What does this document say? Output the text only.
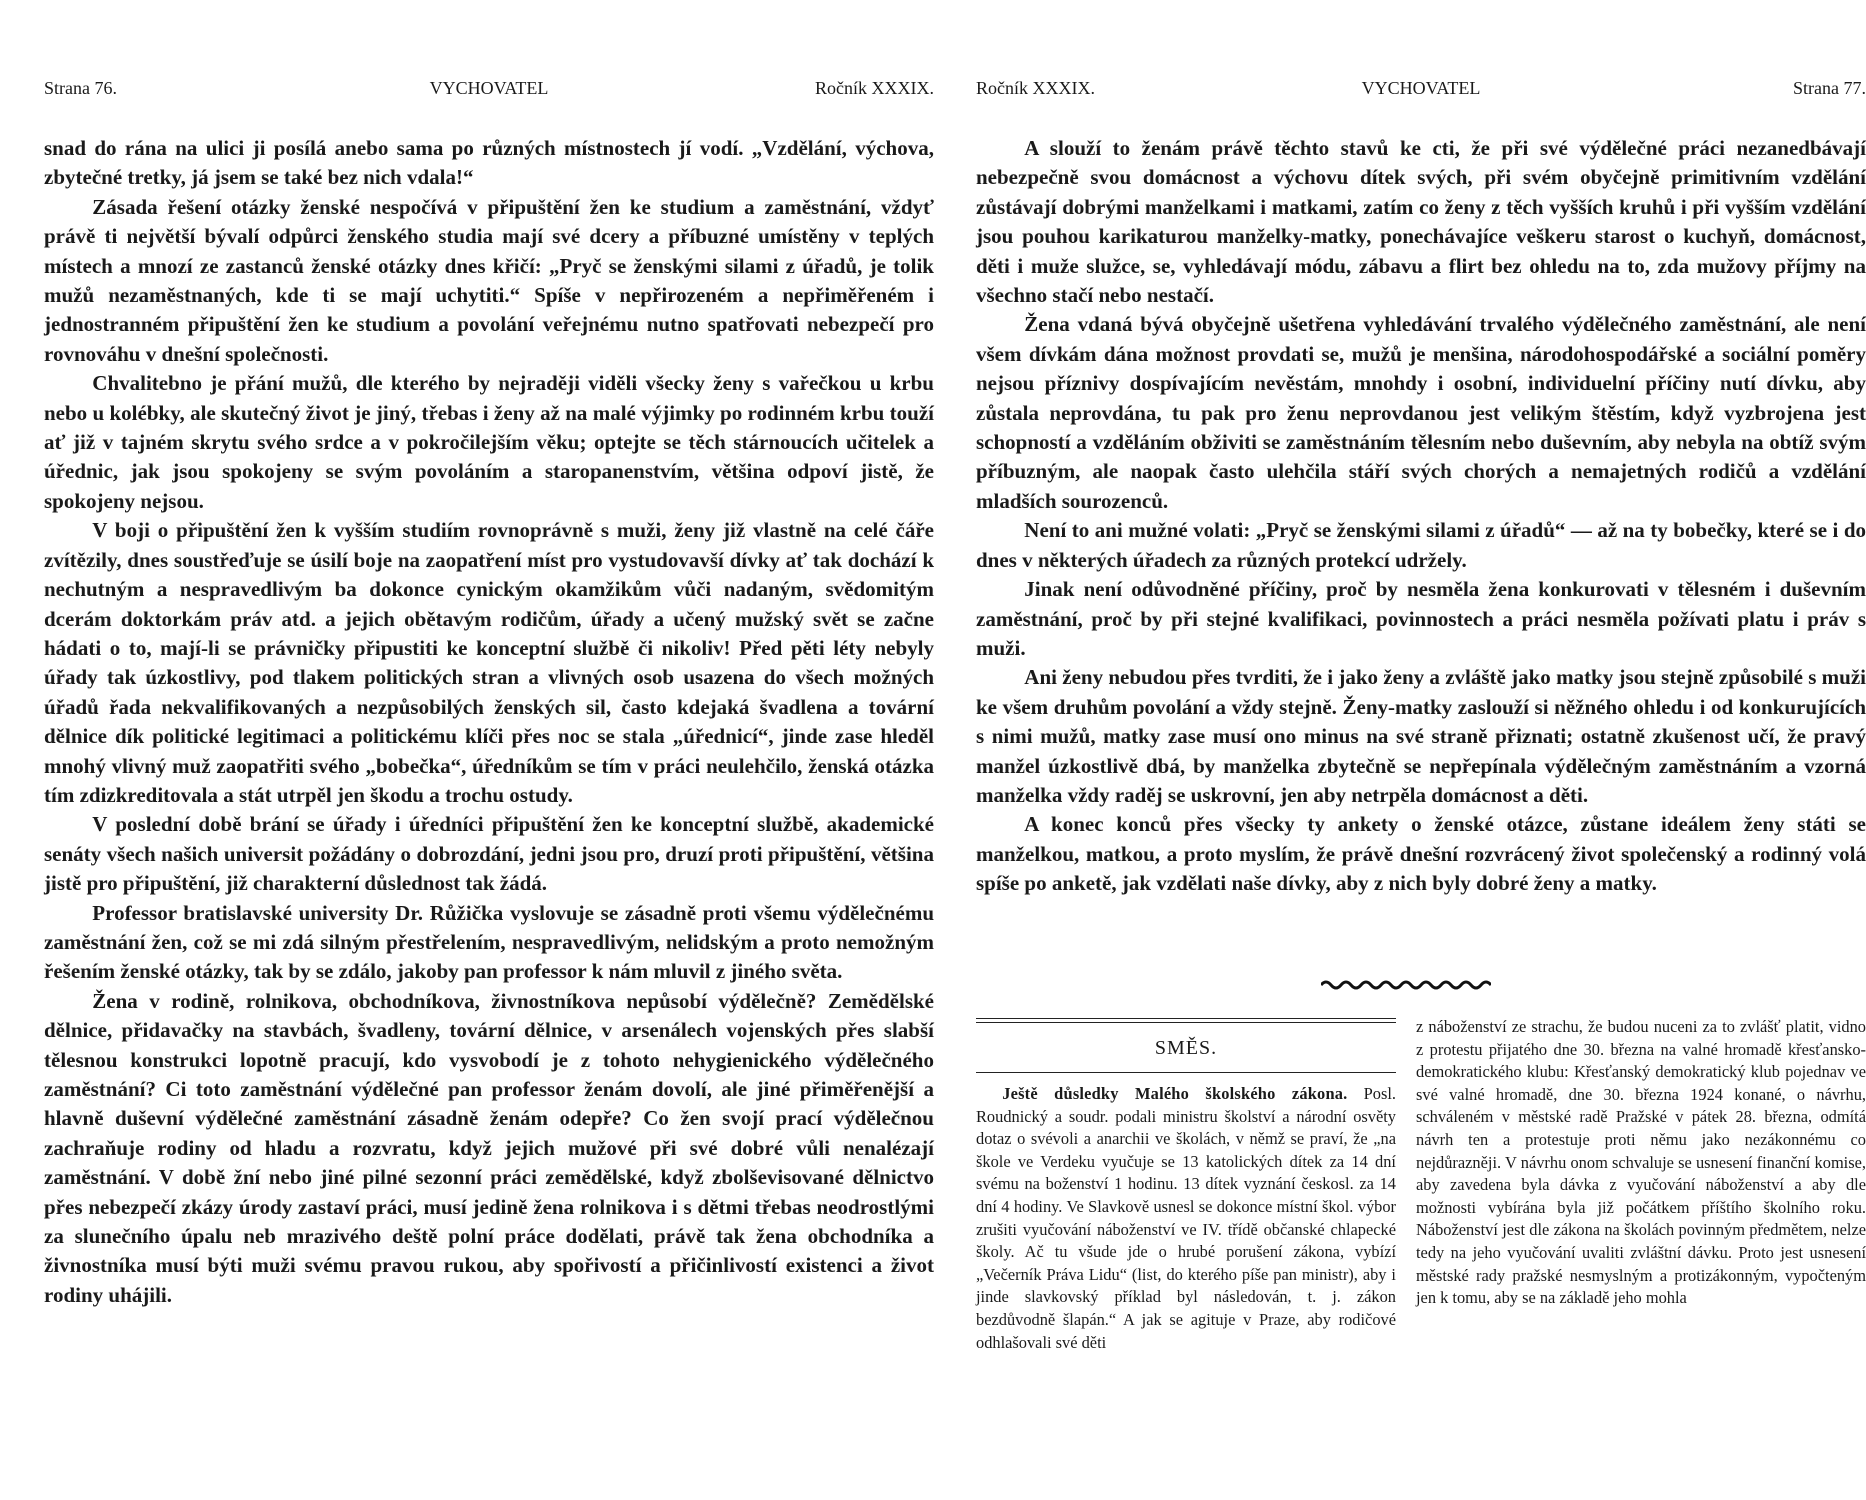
Strana 76.	VYCHOVATEL	Ročník XXXIX.

snad do rána na ulici ji posílá anebo sama po různých místnostech jí vodí. „Vzdělání, výchova, zbytečné tretky, já jsem se také bez nich vdala!“

Zásada řešení otázky ženské nespočívá v připuštění žen ke studium a zaměstnání, vždyť právě ti největší bývalí odpůrci ženského studia mají své dcery a příbuzné umístěny v teplých místech a mnozí ze zastanců ženské otázky dnes křičí: „Pryč se ženskými silami z úřadů, je tolik mužů nezaměstnaných, kde ti se mají uchytiti.“ Spíše v nepřirozeném a nepřiměřeném i jednostranném připuštění žen ke studium a povolání veřejnému nutno spatřovati nebezpečí pro rovnováhu v dnešní společnosti.

Chvalitebno je přání mužů, dle kterého by nejraději viděli všecky ženy s vařečkou u krbu nebo u kolébky, ale skutečný život je jiný, třebas i ženy až na malé výjimky po rodinném krbu touží ať již v tajném skrytu svého srdce a v pokročilejším věku; optejte se těch stárnoucích učitelek a úřednic, jak jsou spokojeny se svým povoláním a staropanenstvím, většina odpoví jistě, že spokojeny nejsou.

V boji o připuštění žen k vyšším studiím rovnoprávně s muži, ženy již vlastně na celé čáře zvítězily, dnes soustřeďuje se úsilí boje na zaopatření míst pro vystudovavší dívky ať tak dochází k nechutným a nespravedlivým ba dokonce cynickým okamžikům vůči nadaným, svědomitým dcerám doktorkám práv atd. a jejich obětavým rodičům, úřady a učený mužský svět se začne hádati o to, mají-li se právničky připustiti ke konceptní službě či nikoliv! Před pěti léty nebyly úřady tak úzkostlivy, pod tlakem politických stran a vlivných osob usazena do všech možných úřadů řada nekvalifikovaných a nezpůsobilých ženských sil, často kdejaká švadlena a tovární dělnice dík politické legitimaci a politickému klíči přes noc se stala „úřednicí“, jinde zase hleděl mnohý vlivný muž zaopatřiti svého „bobečka“, úředníkům se tím v práci neulehčilo, ženská otázka tím zdizkreditovala a stát utrpěl jen škodu a trochu ostudy.

V poslední době brání se úřady i úředníci připuštění žen ke konceptní službě, akademické senáty všech našich universit požádány o dobrozdání, jedni jsou pro, druzí proti připuštění, většina jistě pro připuštění, již charakterní důslednost tak žádá.

Professor bratislavské university Dr. Růžička vyslovuje se zásadně proti všemu výdělečnému zaměstnání žen, což se mi zdá silným přestřelením, nespravedlivým, nelidským a proto nemožným řešením ženské otázky, tak by se zdálo, jakoby pan professor k nám mluvil z jiného světa.

Žena v rodině, rolnikova, obchodníkova, živnostníkova nepůsobí výdělečně? Zemědělské dělnice, přidavačky na stavbách, švadleny, tovární dělnice, v arsenálech vojenských přes slabší tělesnou konstrukci lopotně pracují, kdo vysvobodí je z tohoto nehygienického výdělečného zaměstnání? Ci toto zaměstnání výdělečné pan professor ženám dovolí, ale jiné přiměřenější a hlavně duševní výdělečné zaměstnání zásadně ženám odepře? Co žen svojí prací výdělečnou zachraňuje rodiny od hladu a rozvratu, když jejich mužové při své dobré vůli nenalézají zaměstnání. V době žní nebo jiné pilné sezonní práci zemědělské, když zbolševisované dělnictvo přes nebezpečí zkázy úrody zastaví práci, musí jedině žena rolnikova i s dětmi třebas neodrostlými za slunečního úpalu neb mrazivého deště polní práce dodělati, právě tak žena obchodníka a živnostníka musí býti muži svému pravou rukou, aby spořivostí a přičinlivostí existenci a život rodiny uhájili.

Ročník XXXIX.	VYCHOVATEL	Strana 77.

A slouží to ženám právě těchto stavů ke cti, že při své výdělečné práci nezanedbávají nebezpečně svou domácnost a výchovu dítek svých, při svém obyčejně primitivním vzdělání zůstávají dobrými manželkami i matkami, zatím co ženy z těch vyšších kruhů i při vyšším vzdělání jsou pouhou karikaturou manželky-matky, ponechávajíce veškeru starost o kuchyň, domácnost, děti i muže služce, se, vyhledávají módu, zábavu a flirt bez ohledu na to, zda mužovy příjmy na všechno stačí nebo nestačí.

Žena vdaná bývá obyčejně ušetřena vyhledávání trvalého výdělečného zaměstnání, ale není všem dívkám dána možnost provdati se, mužů je menšina, národohospodářské a sociální poměry nejsou příznivy dospívajícím nevěstám, mnohdy i osobní, individuelní příčiny nutí dívku, aby zůstala neprovdána, tu pak pro ženu neprovdanou jest velikým štěstím, když vyzbrojena jest schopností a vzděláním obživiti se zaměstnáním tělesním nebo duševním, aby nebyla na obtíž svým příbuzným, ale naopak často ulehčila stáří svých chorých a nemajetných rodičů a vzdělání mladších sourozenců.

Není to ani mužné volati: „Pryč se ženskými silami z úřadů“ — až na ty bobečky, které se i do dnes v některých úřadech za různých protekcí udržely.

Jinak není odůvodněné příčiny, proč by nesměla žena konkurovati v tělesném i duševním zaměstnání, proč by při stejné kvalifikaci, povinnostech a práci nesměla požívati platu i práv s muži.

Ani ženy nebudou přes tvrditi, že i jako ženy a zvláště jako matky jsou stejně způsobilé s muži ke všem druhům povolání a vždy stejně. Ženy-matky zaslouží si něžného ohledu i od konkurujících s nimi mužů, matky zase musí ono minus na své straně přiznati; ostatně zkušenost učí, že pravý manžel úzkostlivě dbá, by manželka zbytečně se nepřepínala výdělečným zaměstnáním a vzorná manželka vždy raděj se uskrovní, jen aby netrpěla domácnost a děti.

A konec konců přes všecky ty ankety o ženské otázce, zůstane ideálem ženy státi se manželkou, matkou, a proto myslím, že právě dnešní rozvrácený život společenský a rodinný volá spíše po anketě, jak vzdělati naše dívky, aby z nich byly dobré ženy a matky.

SMĚS.

Ještě důsledky Malého školského zákona. Posl. Roudnický a soudr. podali ministru školství a národní osvěty dotaz o svévoli a anarchii ve školách, v němž se praví, že „na škole ve Verdeku vyučuje se 13 katolických dítek za 14 dní svému na boženství 1 hodinu. 13 dítek vyznání českosl. za 14 dní 4 hodiny. Ve Slavkově usnesl se dokonce místní škol. výbor zrušiti vyučování náboženství ve IV. třídě občanské chlapecké školy. Ač tu všude jde o hrubé porušení zákona, vybízí „Večerník Práva Lidu“ (list, do kterého píše pan ministr), aby i jinde slavkovský příklad byl následován, t. j. zákon bezdůvodně šlapán.“ A jak se agituje v Praze, aby rodičové odhlašovali své děti

z náboženství ze strachu, že budou nuceni za to zvlášť platit, vidno z protestu přijatého dne 30. března na valné hromadě křesťansko-demokratického klubu: Křesťanský demokratický klub pojednav ve své valné hromadě, dne 30. března 1924 konané, o návrhu, schváleném v městské radě Pražské v pátek 28. března, odmítá návrh ten a protestuje proti němu jako nezákonnému co nejdůrazněji. V návrhu onom schvaluje se usnesení finanční komise, aby zavedena byla dávka z vyučování náboženství a aby dle možnosti vybírána byla již počátkem příštího školního roku. Náboženství jest dle zákona na školách povinným předmětem, nelze tedy na jeho vyučování uvaliti zvláštní dávku. Proto jest usnesení městské rady pražské nesmyslným a protizákonným, vypočteným jen k tomu, aby se na základě jeho mohla
